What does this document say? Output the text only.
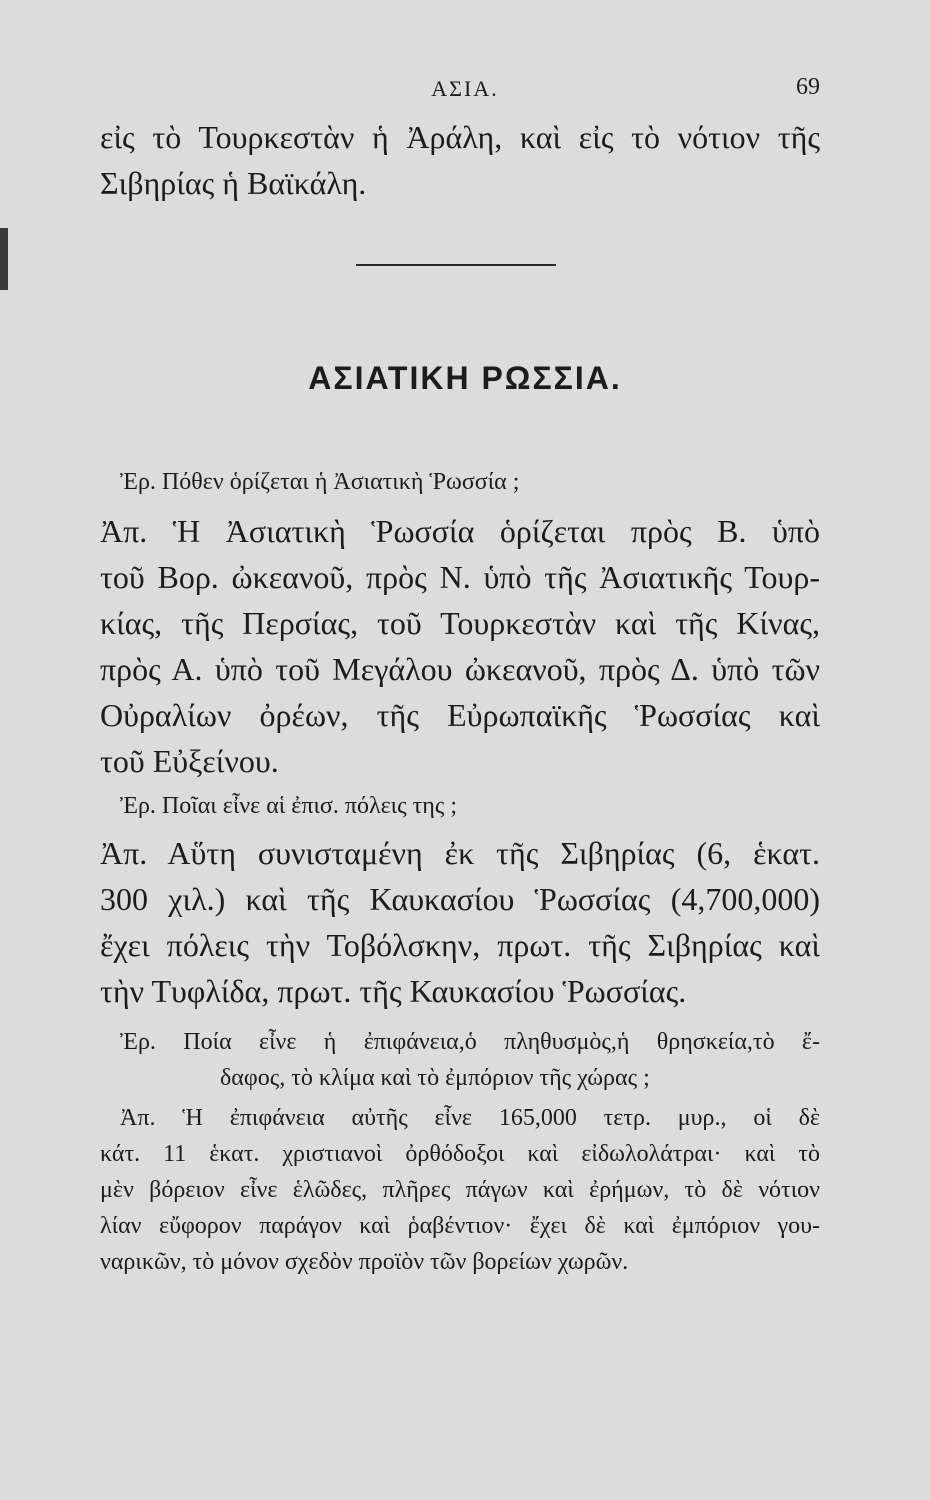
ΑΣΙΑ.	69
εἰς τὸ Τουρκεστὰν ἡ Ἀράλη, καὶ εἰς τὸ νότιον τῆς
Σιβηρίας ἡ Βαϊκάλη.
ΑΣΙΑΤΙΚΗ ΡΩΣΣΙΑ.
Ἐρ. Πόθεν ὁρίζεται ἡ Ἀσιατικὴ Ῥωσσία ;
Ἀπ. Ἡ Ἀσιατικὴ Ῥωσσία ὁρίζεται πρὸς Β. ὑπὸ
τοῦ Βορ. ὠκεανοῦ, πρὸς Ν. ὑπὸ τῆς Ἀσιατικῆς Τουρ-
κίας, τῆς Περσίας, τοῦ Τουρκεστὰν καὶ τῆς Κίνας,
πρὸς Α. ὑπὸ τοῦ Μεγάλου ὠκεανοῦ, πρὸς Δ. ὑπὸ τῶν
Οὐραλίων ὀρέων, τῆς Εὐρωπαϊκῆς Ῥωσσίας καὶ
τοῦ Εὐξείνου.
Ἐρ. Ποῖαι εἶνε αἱ ἐπισ. πόλεις της ;
Ἀπ. Αὕτη συνισταμένη ἐκ τῆς Σιβηρίας (6, ἑκατ.
300 χιλ.) καὶ τῆς Καυκασίου Ῥωσσίας (4,700,000)
ἔχει πόλεις τὴν Τοβόλσκην, πρωτ. τῆς Σιβηρίας καὶ
τὴν Τυφλίδα, πρωτ. τῆς Καυκασίου Ῥωσσίας.
Ἐρ. Ποία εἶνε ἡ ἐπιφάνεια,ὁ πληθυσμὸς,ἡ θρησκεία,τὸ ἔ-
δαφος, τὸ κλίμα καὶ τὸ ἐμπόριον τῆς χώρας ;
Ἀπ. Ἡ ἐπιφάνεια αὐτῆς εἶνε 165,000 τετρ. μυρ., οἱ δὲ
κάτ. 11 ἑκατ. χριστιανοὶ ὀρθόδοξοι καὶ εἰδωλολάτραι· καὶ τὸ
μὲν βόρειον εἶνε ἑλῶδες, πλῆρες πάγων καὶ ἐρήμων, τὸ δὲ νότιον
λίαν εὔφορον παράγον καὶ ῥαβέντιον· ἔχει δὲ καὶ ἐμπόριον γου-
ναρικῶν, τὸ μόνον σχεδὸν προϊὸν τῶν βορείων χωρῶν.
